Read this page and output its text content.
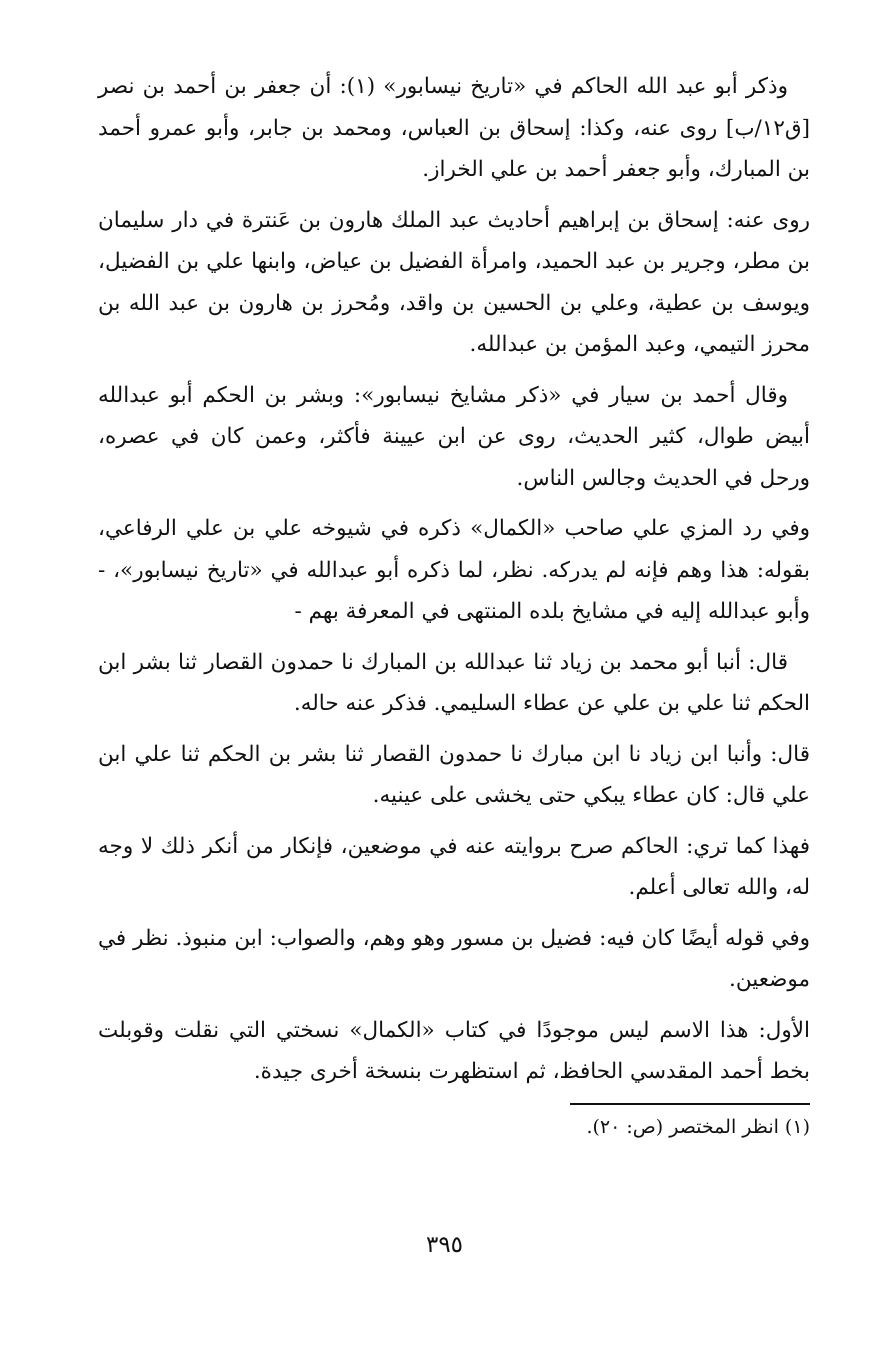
وذكر أبو عبد الله الحاكم في «تاريخ نيسابور» (١): أن جعفر بن أحمد بن نصر [ق١٢/ب] روى عنه، وكذا: إسحاق بن العباس، ومحمد بن جابر، وأبو عمرو أحمد بن المبارك، وأبو جعفر أحمد بن علي الخراز.

روى عنه: إسحاق بن إبراهيم أحاديث عبد الملك هارون بن عَنترة في دار سليمان بن مطر، وجرير بن عبد الحميد، وامرأة الفضيل بن عياض، وابنها علي بن الفضيل، ويوسف بن عطية، وعلي بن الحسين بن واقد، ومُحرز بن هارون بن عبد الله بن محرز التيمي، وعبد المؤمن بن عبدالله.

وقال أحمد بن سيار في «ذكر مشايخ نيسابور»: وبشر بن الحكم أبو عبدالله أبيض طوال، كثير الحديث، روى عن ابن عيينة فأكثر، وعمن كان في عصره، ورحل في الحديث وجالس الناس.

وفي رد المزي علي صاحب «الكمال» ذكره في شيوخه علي بن علي الرفاعي، بقوله: هذا وهم فإنه لم يدركه. نظر، لما ذكره أبو عبدالله في «تاريخ نيسابور»، - وأبو عبدالله إليه في مشايخ بلده المنتهى في المعرفة بهم -

قال: أنبا أبو محمد بن زياد ثنا عبدالله بن المبارك نا حمدون القصار ثنا بشر ابن الحكم ثنا علي بن علي عن عطاء السليمي. فذكر عنه حاله.

قال: وأنبا ابن زياد نا ابن مبارك نا حمدون القصار ثنا بشر بن الحكم ثنا علي ابن علي قال: كان عطاء يبكي حتى يخشى على عينيه.

فهذا كما تري: الحاكم صرح بروايته عنه في موضعين، فإنكار من أنكر ذلك لا وجه له، والله تعالى أعلم.

وفي قوله أيضًا كان فيه: فضيل بن مسور وهو وهم، والصواب: ابن منبوذ. نظر في موضعين.

الأول: هذا الاسم ليس موجودًا في كتاب «الكمال» نسختي التي نقلت وقوبلت بخط أحمد المقدسي الحافظ، ثم استظهرت بنسخة أخرى جيدة.

(١) انظر المختصر (ص: ٢٠).
٣٩٥
